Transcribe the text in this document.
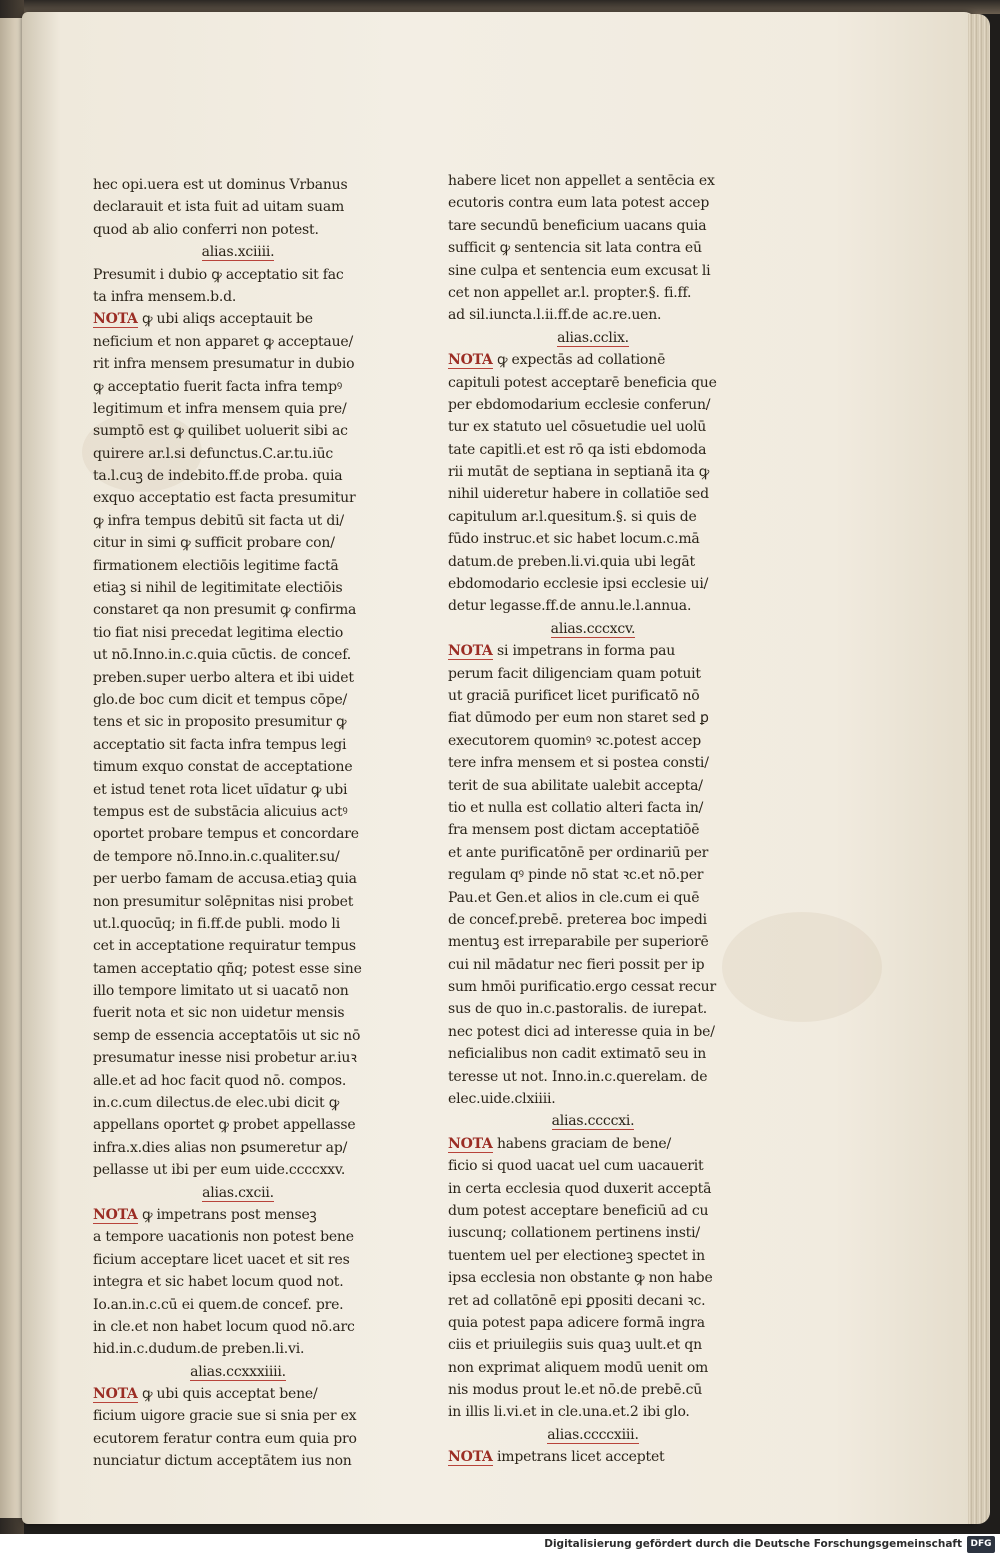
hec opi.uera est ut dominus Vrbanus
declarauit et ista fuit ad uitam suam
quod ab alio conferri non potest.
alias.xciiii.
Presumit i dubio ꝙ acceptatio sit fac
ta infra mensem.b.d.
NOTA ꝙ ubi aliqs acceptauit be
neficium et non apparet ꝙ acceptaue/
rit infra mensem presumatur in dubio
ꝙ acceptatio fuerit facta infra tempꝰ
legitimum et infra mensem quia pre/
sumptō est ꝙ quilibet uoluerit sibi ac
quirere ar.l.si defunctus.C.ar.tu.iūc
ta.l.cuꝫ de indebito.ff.de proba. quia
exquo acceptatio est facta presumitur
ꝙ infra tempus debitū sit facta ut di/
citur in simi ꝙ sufficit probare con/
firmationem electiōis legitime factā
etiaꝫ si nihil de legitimitate electiōis
constaret qa non presumit ꝙ confirma
tio fiat nisi precedat legitima electio
ut nō.Inno.in.c.quia cūctis. de concef.
preben.super uerbo altera et ibi uidet
glo.de boc cum dicit et tempus cōpe/
tens et sic in proposito presumitur ꝙ
acceptatio sit facta infra tempus legi
timum exquo constat de acceptatione
et istud tenet rota licet uīdatur ꝙ ubi
tempus est de substācia alicuius actꝰ
oportet probare tempus et concordare
de tempore nō.Inno.in.c.qualiter.su/
per uerbo famam de accusa.etiaꝫ quia
non presumitur solēpnitas nisi probet
ut.l.quocūq; in fi.ff.de publi. modo li
cet in acceptatione requiratur tempus
tamen acceptatio qñq; potest esse sine
illo tempore limitato ut si uacatō non
fuerit nota et sic non uidetur mensis
semp de essencia acceptatōis ut sic nō
presumatur inesse nisi probetur ar.iuꝛ
alle.et ad hoc facit quod nō. compos.
in.c.cum dilectus.de elec.ubi dicit ꝙ
appellans oportet ꝙ probet appellasse
infra.x.dies alias non ꝑsumeretur ap/
pellasse ut ibi per eum uide.ccccxxv.
alias.cxcii.
NOTA ꝙ impetrans post menseꝫ
a tempore uacationis non potest bene
ficium acceptare licet uacet et sit res
integra et sic habet locum quod not.
Io.an.in.c.cū ei quem.de concef. pre.
in cle.et non habet locum quod nō.arc
hid.in.c.dudum.de preben.li.vi.
alias.ccxxxiiii.
NOTA ꝙ ubi quis acceptat bene/
ficium uigore gracie sue si snia per ex
ecutorem feratur contra eum quia pro
nunciatur dictum acceptātem ius non
habere licet non appellet a sentēcia ex
ecutoris contra eum lata potest accep
tare secundū beneficium uacans quia
sufficit ꝙ sentencia sit lata contra eū
sine culpa et sentencia eum excusat li
cet non appellet ar.l. propter.§. fi.ff.
ad sil.iuncta.l.ii.ff.de ac.re.uen.
alias.cclix.
NOTA ꝙ expectās ad collationē
capituli potest acceptarē beneficia que
per ebdomodarium ecclesie conferun/
tur ex statuto uel cōsuetudie uel uolū
tate capitli.et est rō qa isti ebdomoda
rii mutāt de septiana in septianā ita ꝙ
nihil uideretur habere in collatiōe sed
capitulum ar.l.quesitum.§. si quis de
fūdo instruc.et sic habet locum.c.mā
datum.de preben.li.vi.quia ubi legāt
ebdomodario ecclesie ipsi ecclesie ui/
detur legasse.ff.de annu.le.l.annua.
alias.cccxcv.
NOTA si impetrans in forma pau
perum facit diligenciam quam potuit
ut graciā purificet licet purificatō nō
fiat dūmodo per eum non staret sed ꝑ
executorem quominꝰ ꝛc.potest accep
tere infra mensem et si postea consti/
terit de sua abilitate ualebit accepta/
tio et nulla est collatio alteri facta in/
fra mensem post dictam acceptatiōē
et ante purificatōnē per ordinariū per
regulam qꝰ pinde nō stat ꝛc.et nō.per
Pau.et Gen.et alios in cle.cum ei quē
de concef.prebē. preterea boc impedi
mentuꝫ est irreparabile per superiorē
cui nil mādatur nec fieri possit per ip
sum hmōi purificatio.ergo cessat recur
sus de quo in.c.pastoralis. de iurepat.
nec potest dici ad interesse quia in be/
neficialibus non cadit extimatō seu in
teresse ut not. Inno.in.c.querelam. de
elec.uide.clxiiii.
alias.ccccxi.
NOTA habens graciam de bene/
ficio si quod uacat uel cum uacauerit
in certa ecclesia quod duxerit acceptā
dum potest acceptare beneficiū ad cu
iuscunq; collationem pertinens insti/
tuentem uel per electioneꝫ spectet in
ipsa ecclesia non obstante ꝙ non habe
ret ad collatōnē epi ꝑpositi decani ꝛc.
quia potest papa adicere formā ingra
ciis et priuilegiis suis quaꝫ uult.et qn
non exprimat aliquem modū uenit om
nis modus prout le.et nō.de prebē.cū
in illis li.vi.et in cle.una.et.2 ibi glo.
alias.ccccxiii.
NOTA impetrans licet acceptet
Digitalisierung gefördert durch die Deutsche Forschungsgemeinschaft DFG
